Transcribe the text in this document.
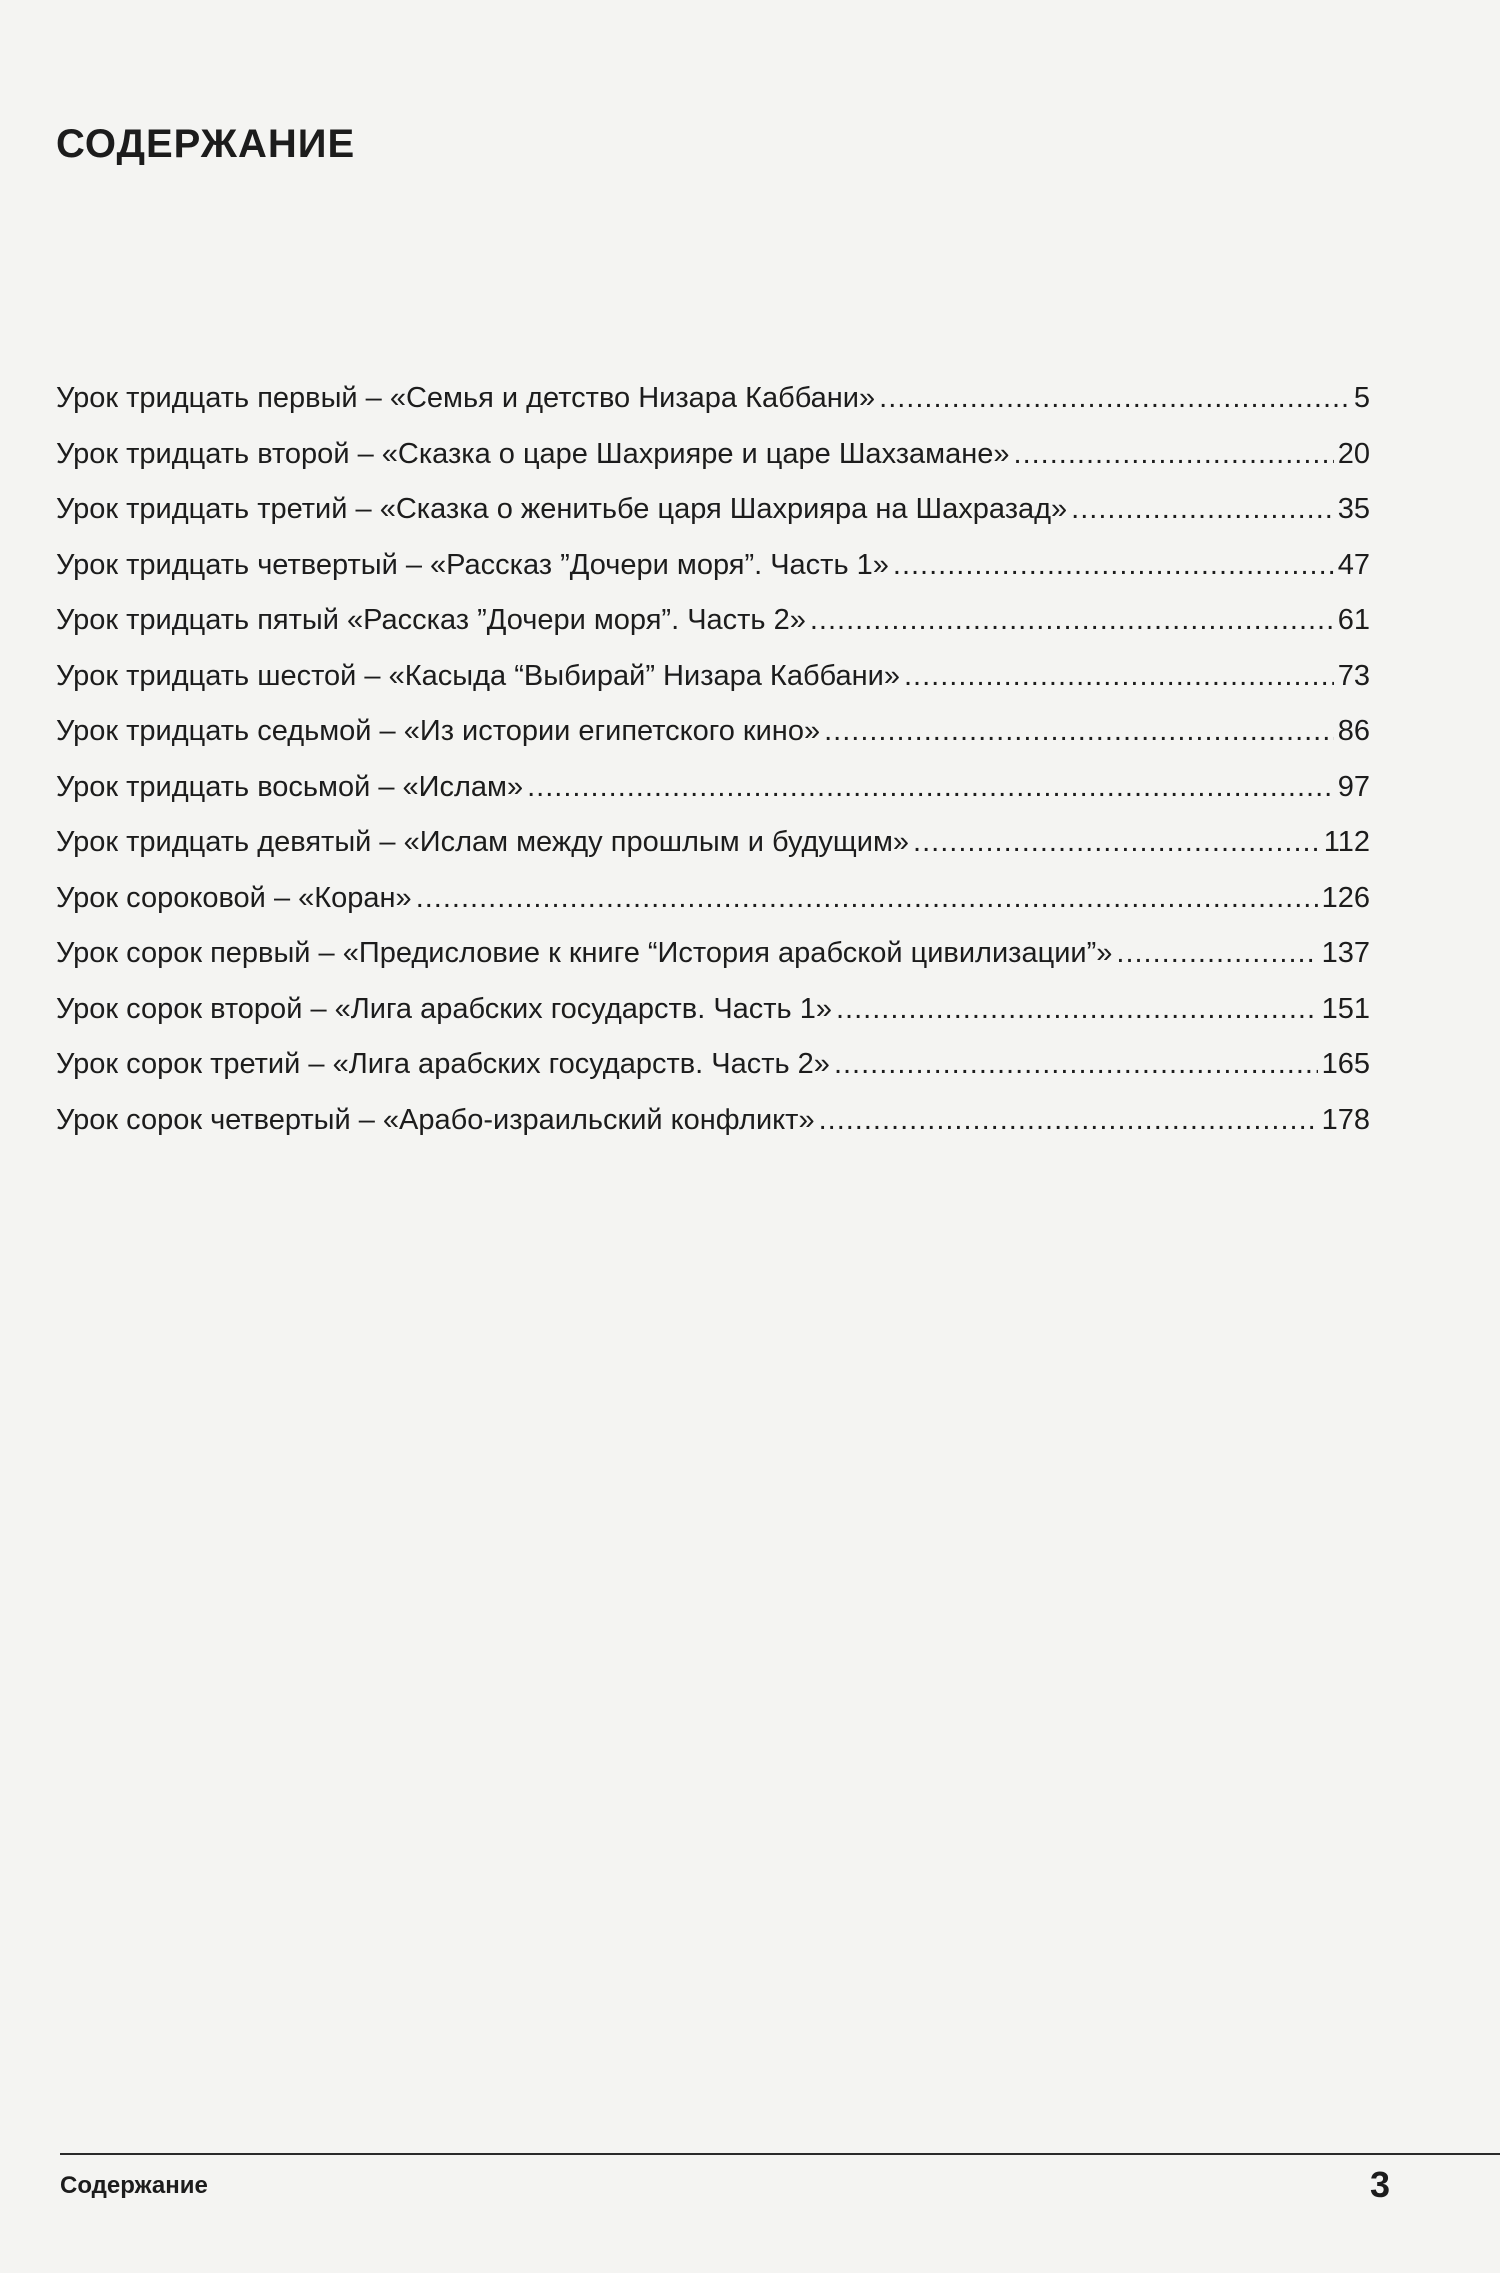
СОДЕРЖАНИЕ
Урок тридцать первый – «Семья и детство Низара Каббани» .....	5
Урок тридцать второй – «Сказка о царе Шахрияре и царе Шахзамане» .....	20
Урок тридцать третий – «Сказка о женитьбе царя Шахрияра на Шахразад» .....	35
Урок тридцать четвертый – «Рассказ ”Дочери моря”. Часть 1» .....	47
Урок тридцать пятый «Рассказ ”Дочери моря”. Часть 2» .....	61
Урок тридцать шестой – «Касыда “Выбирай” Низара Каббани» .....	73
Урок тридцать седьмой – «Из истории египетского кино» .....	86
Урок тридцать восьмой – «Ислам» .....	97
Урок тридцать девятый – «Ислам между прошлым и будущим» .....	112
Урок сороковой – «Коран» .....	126
Урок сорок первый – «Предисловие к книге “История арабской цивилизации”» .....	137
Урок сорок второй – «Лига арабских государств. Часть 1» .....	151
Урок сорок третий – «Лига арабских государств. Часть 2» .....	165
Урок сорок четвертый – «Арабо-израильский конфликт» .....	178
Содержание	3
